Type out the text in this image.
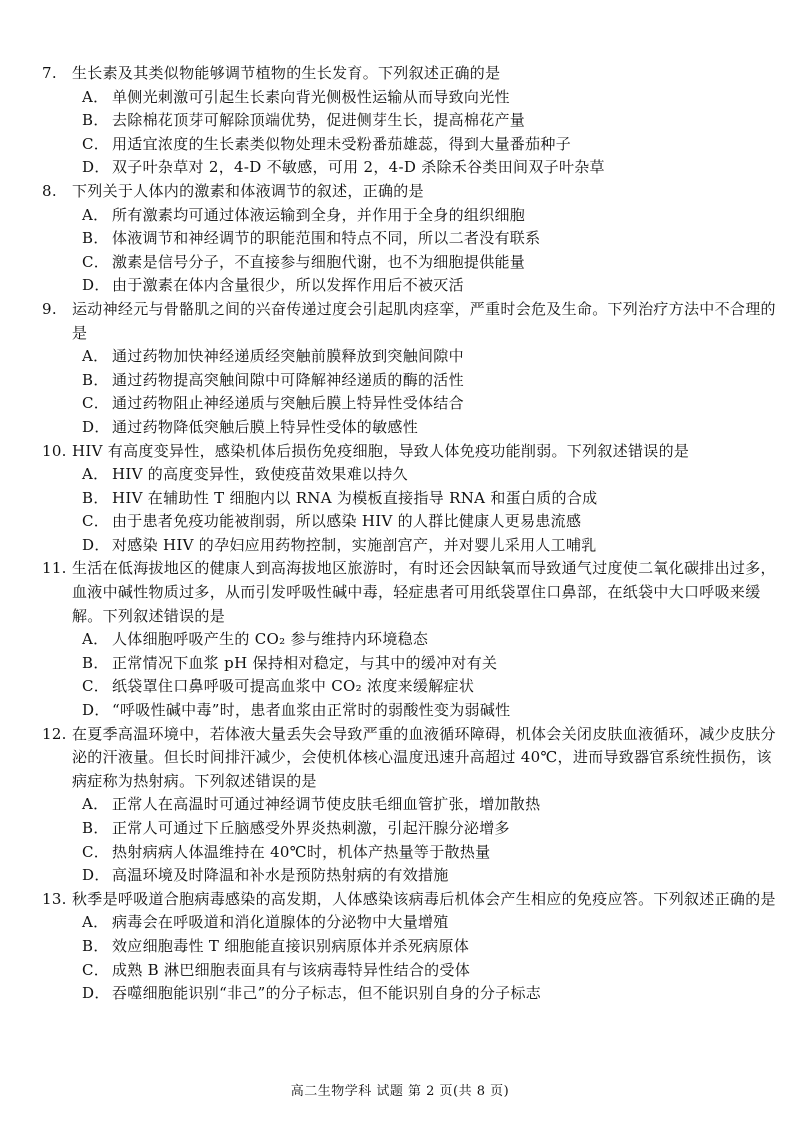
7.	生长素及其类似物能够调节植物的生长发育。下列叙述正确的是
A． 单侧光刺激可引起生长素向背光侧极性运输从而导致向光性
B． 去除棉花顶芽可解除顶端优势，促进侧芽生长，提高棉花产量
C． 用适宜浓度的生长素类似物处理未受粉番茄雄蕊，得到大量番茄种子
D． 双子叶杂草对 2，4-D 不敏感，可用 2，4-D 杀除禾谷类田间双子叶杂草
8.	下列关于人体内的激素和体液调节的叙述，正确的是
A． 所有激素均可通过体液运输到全身，并作用于全身的组织细胞
B． 体液调节和神经调节的职能范围和特点不同，所以二者没有联系
C． 激素是信号分子，不直接参与细胞代谢，也不为细胞提供能量
D． 由于激素在体内含量很少，所以发挥作用后不被灭活
9.	运动神经元与骨骼肌之间的兴奋传递过度会引起肌肉痉挛，严重时会危及生命。下列治疗方法中不合理的是
A． 通过药物加快神经递质经突触前膜释放到突触间隙中
B． 通过药物提高突触间隙中可降解神经递质的酶的活性
C． 通过药物阻止神经递质与突触后膜上特异性受体结合
D． 通过药物降低突触后膜上特异性受体的敏感性
10. HIV 有高度变异性，感染机体后损伤免疫细胞，导致人体免疫功能削弱。下列叙述错误的是
A． HIV 的高度变异性，致使疫苗效果难以持久
B． HIV 在辅助性 T 细胞内以 RNA 为模板直接指导 RNA 和蛋白质的合成
C． 由于患者免疫功能被削弱，所以感染 HIV 的人群比健康人更易患流感
D． 对感染 HIV 的孕妇应用药物控制，实施剖宫产，并对婴儿采用人工哺乳
11. 生活在低海拔地区的健康人到高海拔地区旅游时，有时还会因缺氧而导致通气过度使二氧化碳排出过多，血液中碱性物质过多，从而引发呼吸性碱中毒，轻症患者可用纸袋罩住口鼻部，在纸袋中大口呼吸来缓解。下列叙述错误的是
A． 人体细胞呼吸产生的 CO₂ 参与维持内环境稳态
B． 正常情况下血浆 pH 保持相对稳定，与其中的缓冲对有关
C． 纸袋罩住口鼻呼吸可提高血浆中 CO₂ 浓度来缓解症状
D． “呼吸性碱中毒”时，患者血浆由正常时的弱酸性变为弱碱性
12. 在夏季高温环境中，若体液大量丢失会导致严重的血液循环障碍，机体会关闭皮肤血液循环，减少皮肤分泌的汗液量。但长时间排汗减少，会使机体核心温度迅速升高超过 40℃，进而导致器官系统性损伤，该病症称为热射病。下列叙述错误的是
A． 正常人在高温时可通过神经调节使皮肤毛细血管扩张，增加散热
B． 正常人可通过下丘脑感受外界炎热刺激，引起汗腺分泌增多
C． 热射病病人体温维持在 40℃时，机体产热量等于散热量
D． 高温环境及时降温和补水是预防热射病的有效措施
13. 秋季是呼吸道合胞病毒感染的高发期，人体感染该病毒后机体会产生相应的免疫应答。下列叙述正确的是
A． 病毒会在呼吸道和消化道腺体的分泌物中大量增殖
B． 效应细胞毒性 T 细胞能直接识别病原体并杀死病原体
C． 成熟 B 淋巴细胞表面具有与该病毒特异性结合的受体
D． 吞噬细胞能识别“非己”的分子标志，但不能识别自身的分子标志
高二生物学科 试题 第 2 页(共 8 页)
